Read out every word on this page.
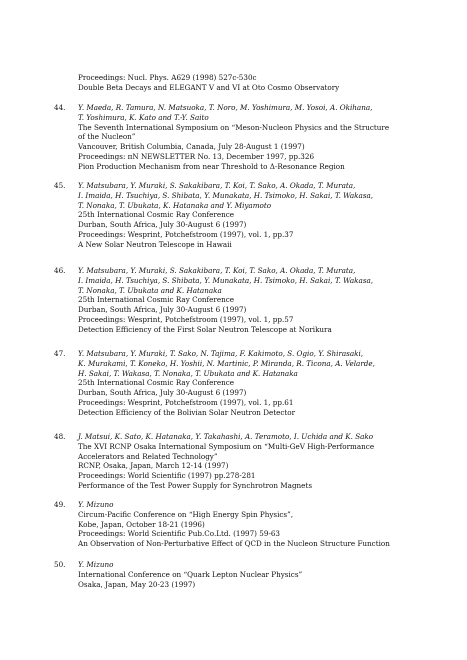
Proceedings: Nucl. Phys. A629 (1998) 527c-530c
Double Beta Decays and ELEGANT V and VI at Oto Cosmo Observatory
44.	Y. Maeda, R. Tamura, N. Matsuoka, T. Noro, M. Yoshimura, M. Yosoi, A. Okihana,
T. Yoshimura, K. Kato and T.-Y. Saito
The Seventh International Symposium on “Meson-Nucleon Physics and the Structure
of the Nucleon”
Vancouver, British Columbia, Canada, July 28-August 1 (1997)
Proceedings: πN NEWSLETTER No. 13, December 1997, pp.326
Pion Production Mechanism from near Threshold to Δ-Resonance Region
45.	Y. Matsubara, Y. Muraki, S. Sakakibara, T. Koi, T. Sako, A. Okada, T. Murata,
I. Imaida, H. Tsuchiya, S. Shibata, Y. Munakata, H. Tsimoko, H. Sakai, T. Wakasa,
T. Nonaka, T. Ubukata, K. Hatanaka and Y. Miyamoto
25th International Cosmic Ray Conference
Durban, South Africa, July 30-August 6 (1997)
Proceedings: Wesprint, Potchefstroom (1997), vol. 1, pp.37
A New Solar Neutron Telescope in Hawaii
46.	Y. Matsubara, Y. Muraki, S. Sakakibara, T. Koi, T. Sako, A. Okada, T. Murata,
I. Imaida, H. Tsuchiya, S. Shibata, Y. Munakata, H. Tsimoko, H. Sakai, T. Wakasa,
T. Nonaka, T. Ubukata and K. Hatanaka
25th International Cosmic Ray Conference
Durban, South Africa, July 30-August 6 (1997)
Proceedings: Wesprint, Potchefstroom (1997), vol. 1, pp.57
Detection Efficiency of the First Solar Neutron Telescope at Norikura
47.	Y. Matsubara, Y. Muraki, T. Sako, N. Tajima, F. Kakimoto, S. Ogio, Y. Shirasaki,
K. Murakami, T. Koneko, H. Yoshii, N. Martinic, P. Miranda, R. Ticona, A. Velarde,
H. Sakai, T. Wakasa, T. Nonaka, T. Ubukata and K. Hatanaka
25th International Cosmic Ray Conference
Durban, South Africa, July 30-August 6 (1997)
Proceedings: Wesprint, Potchefstroom (1997), vol. 1, pp.61
Detection Efficiency of the Bolivian Solar Neutron Detector
48.	J. Matsui, K. Sato, K. Hatanaka, Y. Takahashi, A. Teramoto, I. Uchida and K. Sako
The XVI RCNP Osaka International Symposium on “Multi-GeV High-Performance
Accelerators and Related Technology”
RCNP, Osaka, Japan, March 12-14 (1997)
Proceedings: World Scientific (1997) pp.278-281
Performance of the Test Power Supply for Synchrotron Magnets
49.	Y. Mizuno
Circum-Pacific Conference on “High Energy Spin Physics”,
Kobe, Japan, October 18-21 (1996)
Proceedings: World Scientific Pub.Co.Ltd. (1997) 59-63
An Observation of Non-Perturbative Effect of QCD in the Nucleon Structure Function
50.	Y. Mizuno
International Conference on “Quark Lepton Nuclear Physics”
Osaka, Japan, May 20-23 (1997)
